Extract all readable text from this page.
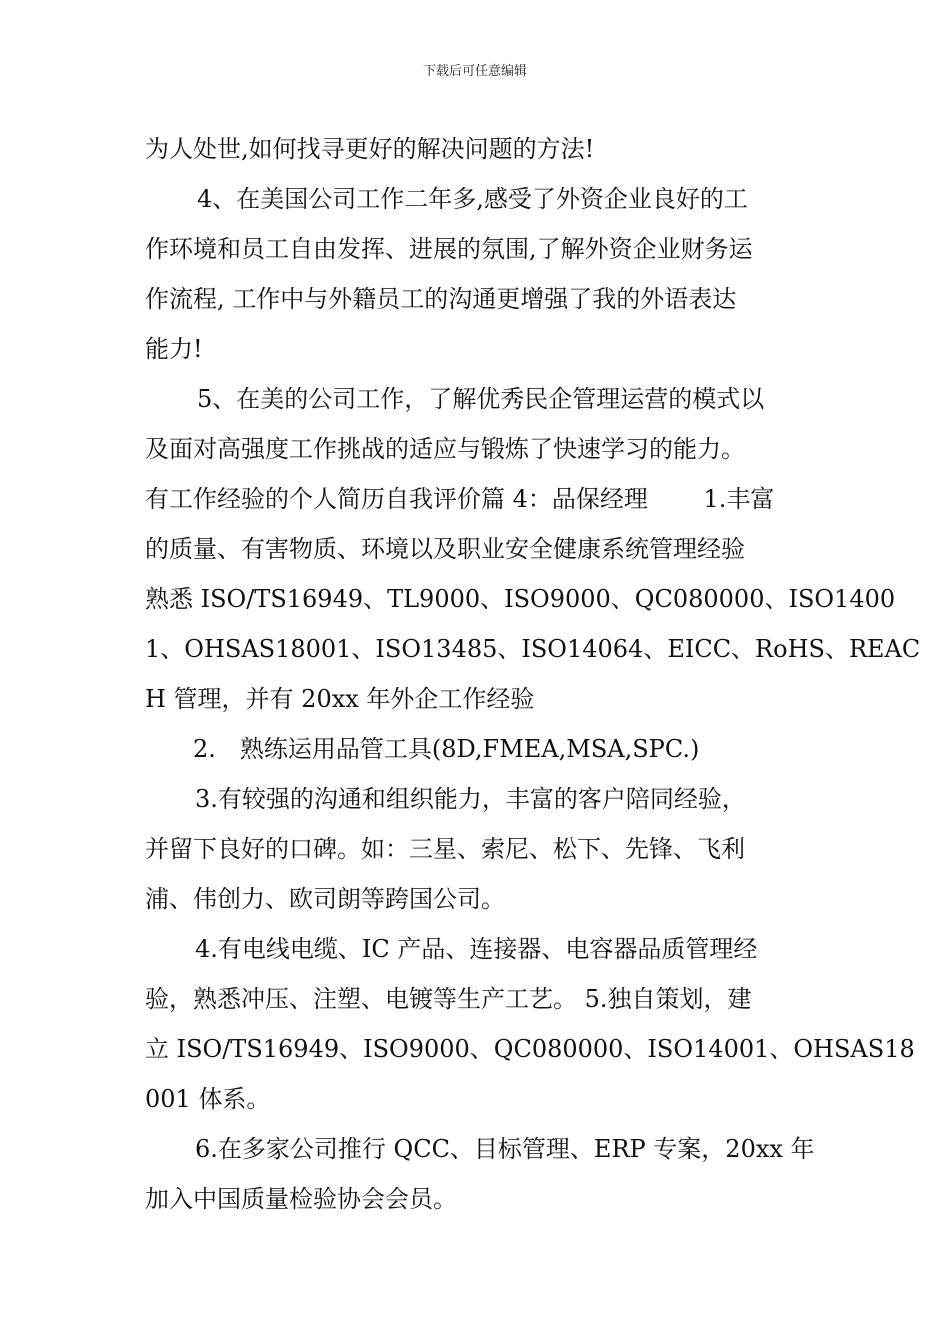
下载后可任意编辑
为人处世,如何找寻更好的解决问题的方法!
4、在美国公司工作二年多,感受了外资企业良好的工
作环境和员工自由发挥、进展的氛围,了解外资企业财务运
作流程, 工作中与外籍员工的沟通更增强了我的外语表达
能力!
5、在美的公司工作，了解优秀民企管理运营的模式以
及面对高强度工作挑战的适应与锻炼了快速学习的能力。
有工作经验的个人简历自我评价篇 4：品保经理　　 1.丰富
的质量、有害物质、环境以及职业安全健康系统管理经验
熟悉 ISO/TS16949、TL9000、ISO9000、QC080000、ISO1400
1、OHSAS18001、ISO13485、ISO14064、EICC、RoHS、REAC
H 管理，并有 20xx 年外企工作经验
2.　熟练运用品管工具(8D,FMEA,MSA,SPC.)
3.有较强的沟通和组织能力，丰富的客户陪同经验，
并留下良好的口碑。如：三星、索尼、松下、先锋、飞利
浦、伟创力、欧司朗等跨国公司。
4.有电线电缆、IC 产品、连接器、电容器品质管理经
验，熟悉冲压、注塑、电镀等生产工艺。 5.独自策划，建
立 ISO/TS16949、ISO9000、QC080000、ISO14001、OHSAS18
001 体系。
6.在多家公司推行 QCC、目标管理、ERP 专案，20xx 年
加入中国质量检验协会会员。
